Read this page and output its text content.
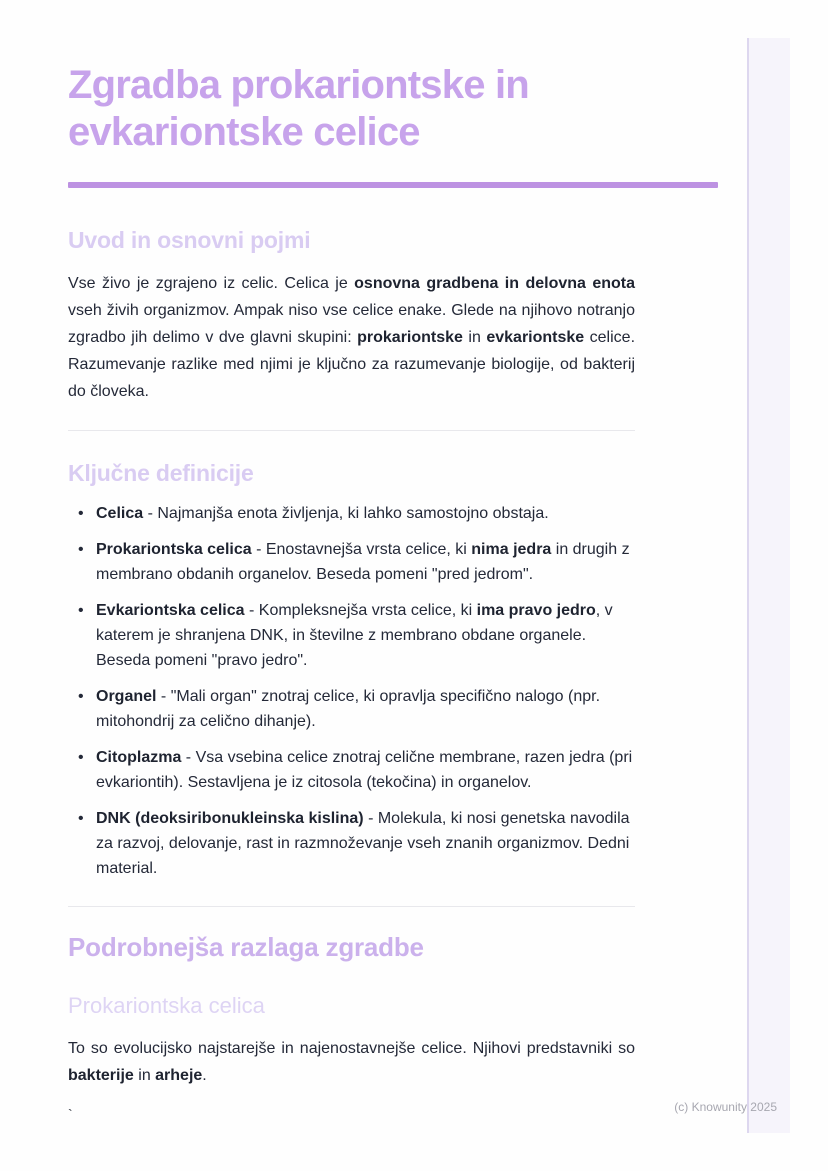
Zgradba prokariontske in evkariontske celice
Uvod in osnovni pojmi

Vse živo je zgrajeno iz celic. Celica je osnovna gradbena in delovna enota vseh živih organizmov. Ampak niso vse celice enake. Glede na njihovo notranjo zgradbo jih delimo v dve glavni skupini: prokariontske in evkariontske celice. Razumevanje razlike med njimi je ključno za razumevanje biologije, od bakterij do človeka.

Ključne definicije
• Celica - Najmanjša enota življenja, ki lahko samostojno obstaja.
• Prokariontska celica - Enostavnejša vrsta celice, ki nima jedra in drugih z membrano obdanih organelov. Beseda pomeni "pred jedrom".
• Evkariontska celica - Kompleksnejša vrsta celice, ki ima pravo jedro, v katerem je shranjena DNK, in številne z membrano obdane organele. Beseda pomeni "pravo jedro".
• Organel - "Mali organ" znotraj celice, ki opravlja specifično nalogo (npr. mitohondrij za celično dihanje).
• Citoplazma - Vsa vsebina celice znotraj celične membrane, razen jedra (pri evkariontih). Sestavljena je iz citosola (tekočina) in organelov.
• DNK (deoksiribonukleinska kislina) - Molekula, ki nosi genetska navodila za razvoj, delovanje, rast in razmnoževanje vseh znanih organizmov. Dedni material.
Podrobnejša razlaga zgradbe
Prokariontska celica

To so evolucijsko najstarejše in najenostavnejše celice. Njihovi predstavniki so bakterije in arheje.

`	(c) Knowunity 2025
